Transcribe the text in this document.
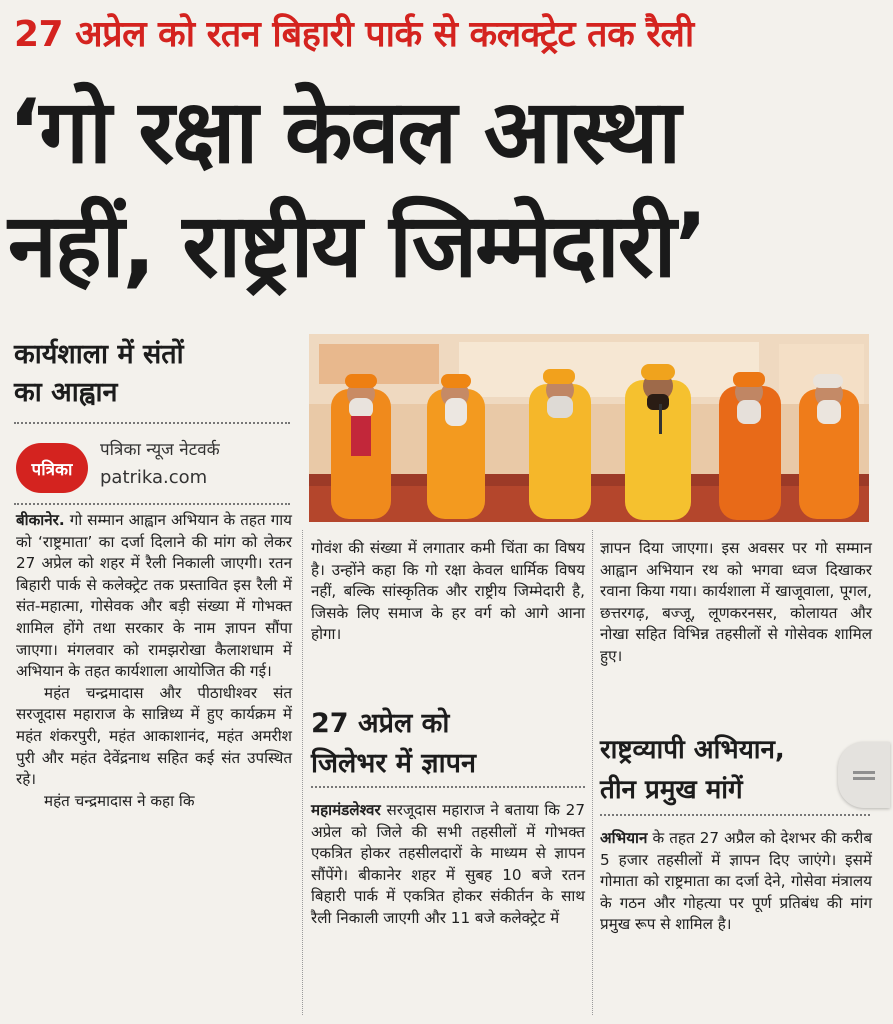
27 अप्रेल को रतन बिहारी पार्क से कलक्ट्रेट तक रैली
‘गो रक्षा केवल आस्था
नहीं, राष्ट्रीय जिम्मेदारी’
कार्यशाला में संतों
का आह्वान
पत्रिका
पत्रिका न्यूज नेटवर्क
patrika.com

बीकानेर. गो सम्मान आह्वान अभियान के तहत गाय को ‘राष्ट्रमाता’ का दर्जा दिलाने की मांग को लेकर 27 अप्रेल को शहर में रैली निकाली जाएगी। रतन बिहारी पार्क से कलेक्ट्रेट तक प्रस्तावित इस रैली में संत-महात्मा, गोसेवक और बड़ी संख्या में गोभक्त शामिल होंगे तथा सरकार के नाम ज्ञापन सौंपा जाएगा। मंगलवार को रामझरोखा कैलाशधाम में अभियान के तहत कार्यशाला आयोजित की गई।

महंत चन्द्रमादास और पीठाधीश्वर संत सरजूदास महाराज के सान्निध्य में हुए कार्यक्रम में महंत शंकरपुरी, महंत आकाशानंद, महंत अमरीश पुरी और महंत देवेंद्रनाथ सहित कई संत उपस्थित रहे।

महंत चन्द्रमादास ने कहा कि

गोवंश की संख्या में लगातार कमी चिंता का विषय है। उन्होंने कहा कि गो रक्षा केवल धार्मिक विषय नहीं, बल्कि सांस्कृतिक और राष्ट्रीय जिम्मेदारी है, जिसके लिए समाज के हर वर्ग को आगे आना होगा।

27 अप्रेल को
जिलेभर में ज्ञापन

महामंडलेश्वर सरजूदास महाराज ने बताया कि 27 अप्रेल को जिले की सभी तहसीलों में गोभक्त एकत्रित होकर तहसीलदारों के माध्यम से ज्ञापन सौंपेंगे। बीकानेर शहर में सुबह 10 बजे रतन बिहारी पार्क में एकत्रित होकर संकीर्तन के साथ रैली निकाली जाएगी और 11 बजे कलेक्ट्रेट में

ज्ञापन दिया जाएगा। इस अवसर पर गो सम्मान आह्वान अभियान रथ को भगवा ध्वज दिखाकर रवाना किया गया। कार्यशाला में खाजूवाला, पूगल, छत्तरगढ़, बज्जू, लूणकरनसर, कोलायत और नोखा सहित विभिन्न तहसीलों से गोसेवक शामिल हुए।

राष्ट्रव्यापी अभियान,
तीन प्रमुख मांगें

अभियान के तहत 27 अप्रैल को देशभर की करीब 5 हजार तहसीलों में ज्ञापन दिए जाएंगे। इसमें गोमाता को राष्ट्रमाता का दर्जा देने, गोसेवा मंत्रालय के गठन और गोहत्या पर पूर्ण प्रतिबंध की मांग प्रमुख रूप से शामिल है।
